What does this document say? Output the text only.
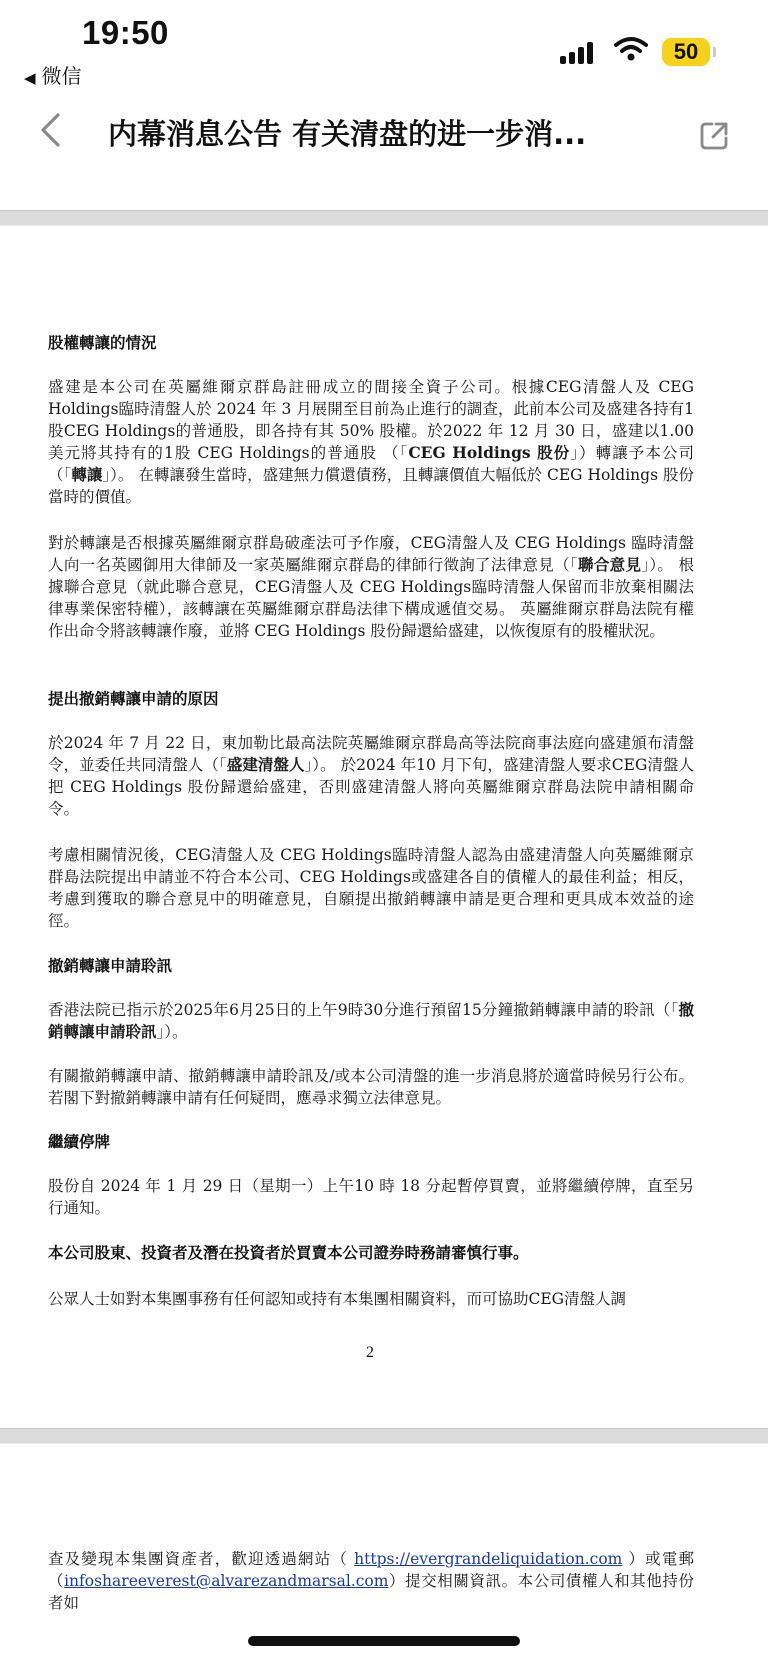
19:50
◀ 微信
50
内幕消息公告 有关清盘的进一步消...
股權轉讓的情況
盛建是本公司在英屬維爾京群島註冊成立的間接全資子公司。根據CEG清盤人及 CEG Holdings臨時清盤人於 2024 年 3 月展開至目前為止進行的調查，此前本公司及盛建各持有1股CEG Holdings的普通股，即各持有其 50% 股權。於2022 年 12 月 30 日，盛建以1.00美元將其持有的1股 CEG Holdings的普通股 （「CEG Holdings 股份」）轉讓予本公司（「轉讓」）。 在轉讓發生當時，盛建無力償還債務，且轉讓價值大幅低於 CEG Holdings 股份當時的價值。
對於轉讓是否根據英屬維爾京群島破產法可予作廢，CEG清盤人及 CEG Holdings 臨時清盤人向一名英國御用大律師及一家英屬維爾京群島的律師行徵詢了法律意見（「聯合意見」）。 根據聯合意見（就此聯合意見，CEG清盤人及 CEG Holdings臨時清盤人保留而非放棄相關法律專業保密特權），該轉讓在英屬維爾京群島法律下構成遞值交易。 英屬維爾京群島法院有權作出命令將該轉讓作廢，並將 CEG Holdings 股份歸還給盛建，以恢復原有的股權狀況。
提出撤銷轉讓申請的原因
於2024 年 7 月 22 日，東加勒比最高法院英屬維爾京群島高等法院商事法庭向盛建頒布清盤令，並委任共同清盤人（「盛建清盤人」）。 於2024 年10 月下旬，盛建清盤人要求CEG清盤人把 CEG Holdings 股份歸還給盛建，否則盛建清盤人將向英屬維爾京群島法院申請相關命令。
考慮相關情況後，CEG清盤人及 CEG Holdings臨時清盤人認為由盛建清盤人向英屬維爾京群島法院提出申請並不符合本公司、CEG Holdings或盛建各自的債權人的最佳利益；相反，考慮到獲取的聯合意見中的明確意見，自願提出撤銷轉讓申請是更合理和更具成本效益的途徑。
撤銷轉讓申請聆訊
香港法院已指示於2025年6月25日的上午9時30分進行預留15分鐘撤銷轉讓申請的聆訊（「撤銷轉讓申請聆訊」）。
有關撤銷轉讓申請、撤銷轉讓申請聆訊及/或本公司清盤的進一步消息將於適當時候另行公布。若閣下對撤銷轉讓申請有任何疑問，應尋求獨立法律意見。
繼續停牌
股份自 2024 年 1 月 29 日（星期一）上午10 時 18 分起暫停買賣，並將繼續停牌，直至另行通知。
本公司股東、投資者及潛在投資者於買賣本公司證券時務請審慎行事。
公眾人士如對本集團事務有任何認知或持有本集團相關資料，而可協助CEG清盤人調
2
查及變現本集團資產者，歡迎透過網站（ https://evergrandeliquidation.com ）或電郵（infoshareeverest@alvarezandmarsal.com）提交相關資訊。本公司債權人和其他持份者如
